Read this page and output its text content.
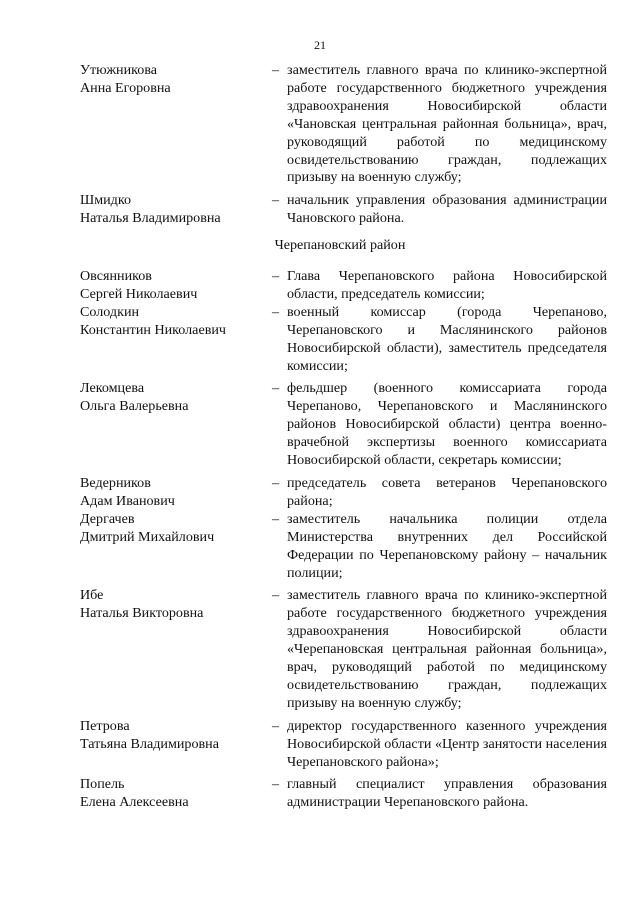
21
Утюжникова
Анна Егоровна
– заместитель главного врача по клинико-экспертной работе государственного бюджетного учреждения здравоохранения Новосибирской области «Чановская центральная районная больница», врач, руководящий работой по медицинскому освидетельствованию граждан, подлежащих призыву на военную службу;
Шмидко
Наталья Владимировна
– начальник управления образования администрации Чановского района.
Черепановский район
Овсянников
Сергей Николаевич
– Глава Черепановского района Новосибирской области, председатель комиссии;
Солодкин
Константин Николаевич
– военный комиссар (города Черепаново, Черепановского и Маслянинского районов Новосибирской области), заместитель председателя комиссии;
Лекомцева
Ольга Валерьевна
– фельдшер (военного комиссариата города Черепаново, Черепановского и Маслянинского районов Новосибирской области) центра военно-врачебной экспертизы военного комиссариата Новосибирской области, секретарь комиссии;
Ведерников
Адам Иванович
– председатель совета ветеранов Черепановского района;
Дергачев
Дмитрий Михайлович
– заместитель начальника полиции отдела Министерства внутренних дел Российской Федерации по Черепановскому району – начальник полиции;
Ибе
Наталья Викторовна
– заместитель главного врача по клинико-экспертной работе государственного бюджетного учреждения здравоохранения Новосибирской области «Черепановская центральная районная больница», врач, руководящий работой по медицинскому освидетельствованию граждан, подлежащих призыву на военную службу;
Петрова
Татьяна Владимировна
– директор государственного казенного учреждения Новосибирской области «Центр занятости населения Черепановского района»;
Попель
Елена Алексеевна
– главный специалист управления образования администрации Черепановского района.
